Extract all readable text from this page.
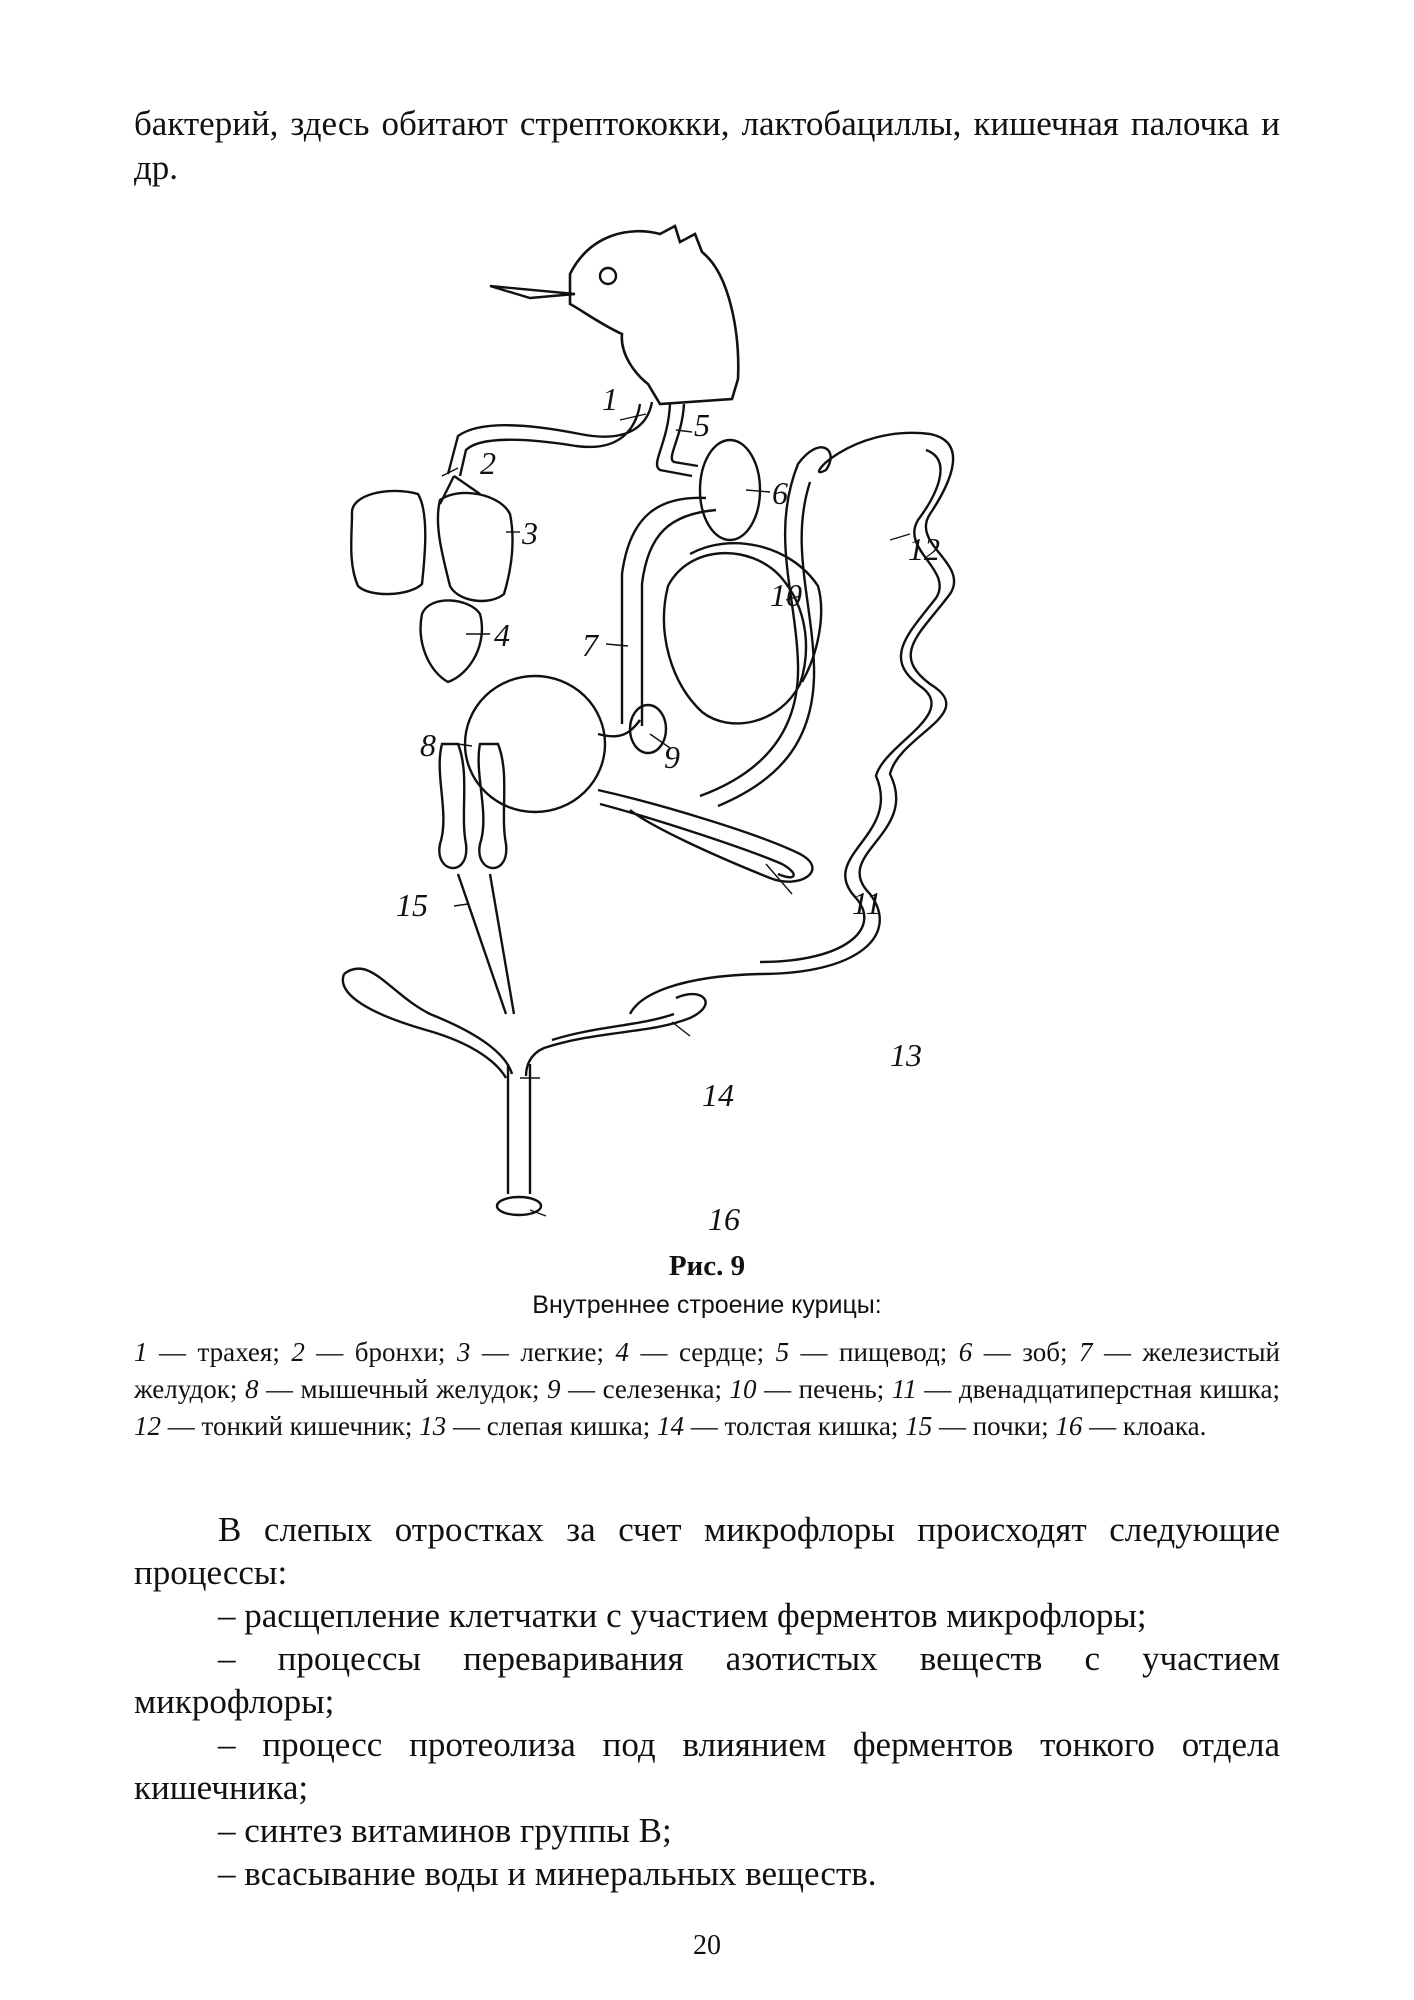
бактерий, здесь обитают стрептококки, лактобациллы, кишечная палочка и др.
1
2
3
4
5
6
7
8	9
10
11
12
13
14
15
16
Рис. 9
Внутреннее строение курицы:
1 — трахея; 2 — бронхи; 3 — легкие; 4 — сердце; 5 — пищевод; 6 — зоб; 7 — железистый желудок; 8 — мышечный желудок; 9 — селезенка; 10 — печень; 11 — двенадцатиперстная кишка; 12 — тонкий кишечник; 13 — слепая кишка; 14 — толстая кишка; 15 — почки; 16 — клоака.

В слепых отростках за счет микрофлоры происходят следующие процессы:

– расщепление клетчатки с участием ферментов микрофлоры;

– процессы переваривания азотистых веществ с участием микрофлоры;

– процесс протеолиза под влиянием ферментов тонкого отдела кишечника;

– синтез витаминов группы В;

– всасывание воды и минеральных веществ.

20
